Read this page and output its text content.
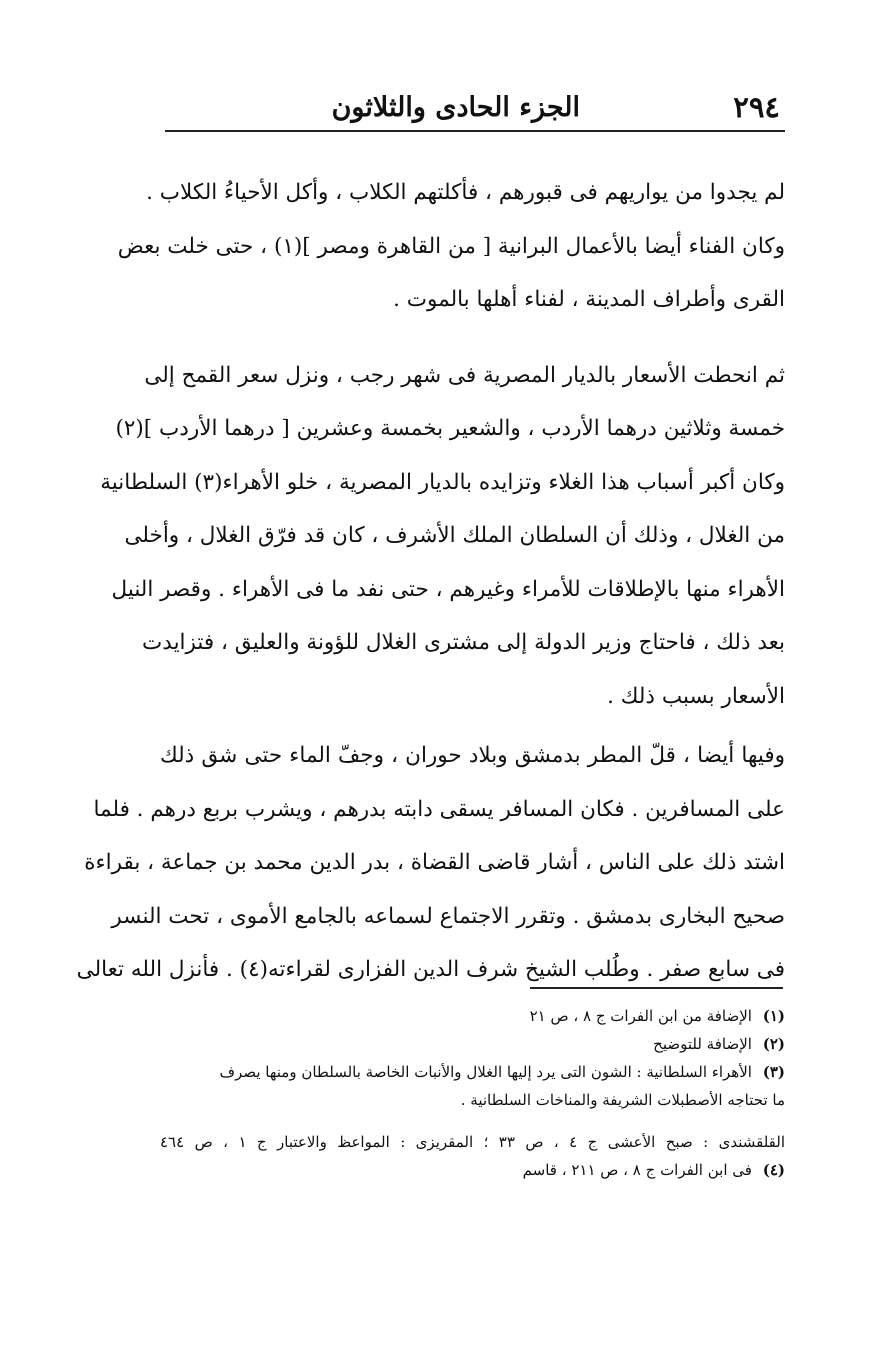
٢٩٤
الجزء الحادى والثلاثون
لم يجدوا من يواريهم فى قبورهم ، فأكلتهم الكلاب ، وأكل الأحياءُ الكلاب .
وكان الفناء أيضا بالأعمال البرانية [ من القاهرة ومصر ](١) ، حتى خلت بعض
القرى وأطراف المدينة ، لفناء أهلها بالموت .
ثم انحطت الأسعار بالديار المصرية فى شهر رجب ، ونزل سعر القمح إلى
خمسة وثلاثين درهما الأردب ، والشعير بخمسة وعشرين [ درهما الأردب ](٢)
وكان أكبر أسباب هذا الغلاء وتزايده بالديار المصرية ، خلو الأهراء(٣) السلطانية
من الغلال ، وذلك أن السلطان الملك الأشرف ، كان قد فرّق الغلال ، وأخلى
الأهراء منها بالإطلاقات للأمراء وغيرهم ، حتى نفد ما فى الأهراء . وقصر النيل
بعد ذلك ، فاحتاج وزير الدولة إلى مشترى الغلال للؤونة والعليق ، فتزايدت
الأسعار بسبب ذلك .
وفيها أيضا ، قلّ المطر بدمشق وبلاد حوران ، وجفّ الماء حتى شق ذلك
على المسافرين . فكان المسافر يسقى دابته بدرهم ، ويشرب بربع درهم . فلما
اشتد ذلك على الناس ، أشار قاضى القضاة ، بدر الدين محمد بن جماعة ، بقراءة
صحيح البخارى بدمشق . وتقرر الاجتماع لسماعه بالجامع الأموى ، تحت النسر
فى سابع صفر . وطُلب الشيخ شرف الدين الفزارى لقراءته(٤) . فأنزل الله تعالى
(١) الإضافة من ابن الفرات ج ٨ ، ص ٢١
(٢) الإضافة للتوضيح
(٣) الأهراء السلطانية : الشون التى يرد إليها الغلال والأنبات الخاصة بالسلطان ومنها يصرف
ما تحتاجه الأصطبلات الشريفة والمناخات السلطانية .
القلقشندى : صبح الأعشى ج ٤ ، ص ٣٣ ؛ المقريزى : المواعظ والاعتبار ج ١ ، ص ٤٦٤
(٤) فى ابن الفرات ج ٨ ، ص ٢١١ ، قاسم
